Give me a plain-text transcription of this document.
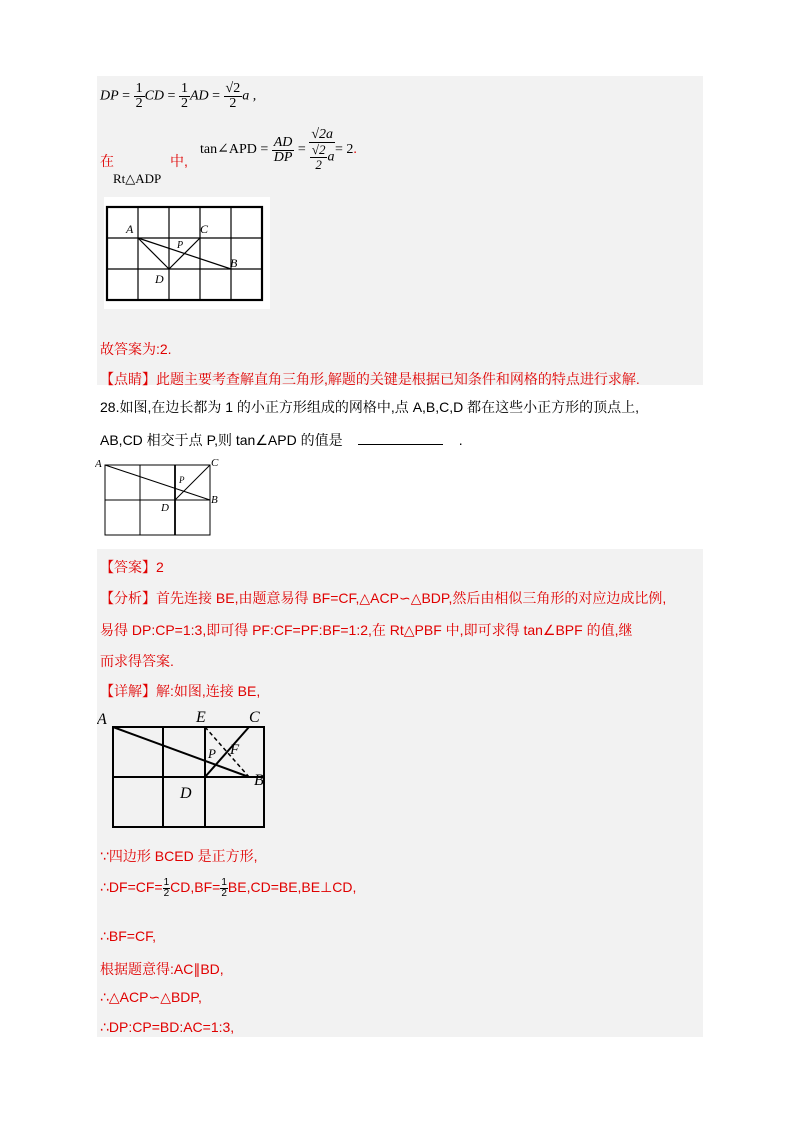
DP = $\frac{1}{2}$ CD = $\frac{1}{2}$ AD = $\frac{√2}{2}$ a ,
在	中,
Rt△ADP
tan∠APD = $\frac{AD}{DP} = \frac{√2a}{\frac{√2}{2} a} = 2$.
A	C
P
D
B
故答案为:2.
【点睛】此题主要考查解直角三角形,解题的关键是根据已知条件和网格的特点进行求解.
28.如图,在边长都为 1 的小正方形组成的网格中,点 A,B,C,D 都在这些小正方形的顶点上,
AB,CD 相交于点 P,则 tan∠APD 的值是	.
A	C
P
D
B
【答案】2
【分析】首先连接 BE,由题意易得 BF=CF,△ACP∽△BDP,然后由相似三角形的对应边成比例,
易得 DP:CP=1:3,即可得 PF:CF=PF:BF=1:2,在 Rt△PBF 中,即可求得 tan∠BPF 的值,继
而求得答案.
【详解】解:如图,连接 BE,
A	E	C
P F
D
B
∵四边形 BCED 是正方形,
∴DF=CF= $\frac{1}{2} CD,BF= \frac{1}{2}$ BE,CD=BE,BE⊥CD,
∴BF=CF,
根据题意得:AC∥BD,
∴△ACP∽△BDP,
∴DP:CP=BD:AC=1:3,
